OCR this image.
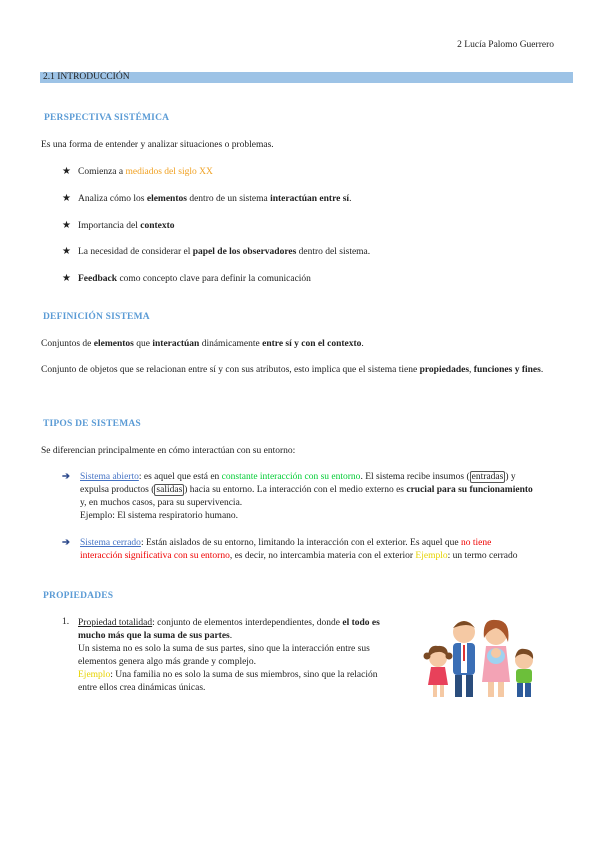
2 Lucía Palomo Guerrero
2.1 INTRODUCCIÓN
PERSPECTIVA SISTÉMICA
Es una forma de entender y analizar situaciones o problemas.
★ Comienza a mediados del siglo XX
★ Analiza cómo los elementos dentro de un sistema interactúan entre sí.
★ Importancia del contexto
★ La necesidad de considerar el papel de los observadores dentro del sistema.
★ Feedback como concepto clave para definir la comunicación
DEFINICIÓN SISTEMA
Conjuntos de elementos que interactúan dinámicamente entre sí y con el contexto.
Conjunto de objetos que se relacionan entre sí y con sus atributos, esto implica que el sistema tiene propiedades, funciones y fines.
TIPOS DE SISTEMAS
Se diferencian principalmente en cómo interactúan con su entorno:
➔	Sistema abierto: es aquel que está en constante interacción con su entorno. El sistema recibe insumos ( entradas ) y
expulsa productos ( salidas ) hacia su entorno. La interacción con el medio externo es crucial para su funcionamiento
y, en muchos casos, para su supervivencia.
Ejemplo: El sistema respiratorio humano.
➔	Sistema cerrado: Están aislados de su entorno, limitando la interacción con el exterior. Es aquel que no tiene
interacción significativa con su entorno, es decir, no intercambia materia con el exterior Ejemplo: un termo cerrado
PROPIEDADES
1. Propiedad totalidad: conjunto de elementos interdependientes, donde el todo es
mucho más que la suma de sus partes.
Un sistema no es solo la suma de sus partes, sino que la interacción entre sus
elementos genera algo más grande y complejo.
Ejemplo: Una familia no es solo la suma de sus miembros, sino que la relación
entre ellos crea dinámicas únicas.
